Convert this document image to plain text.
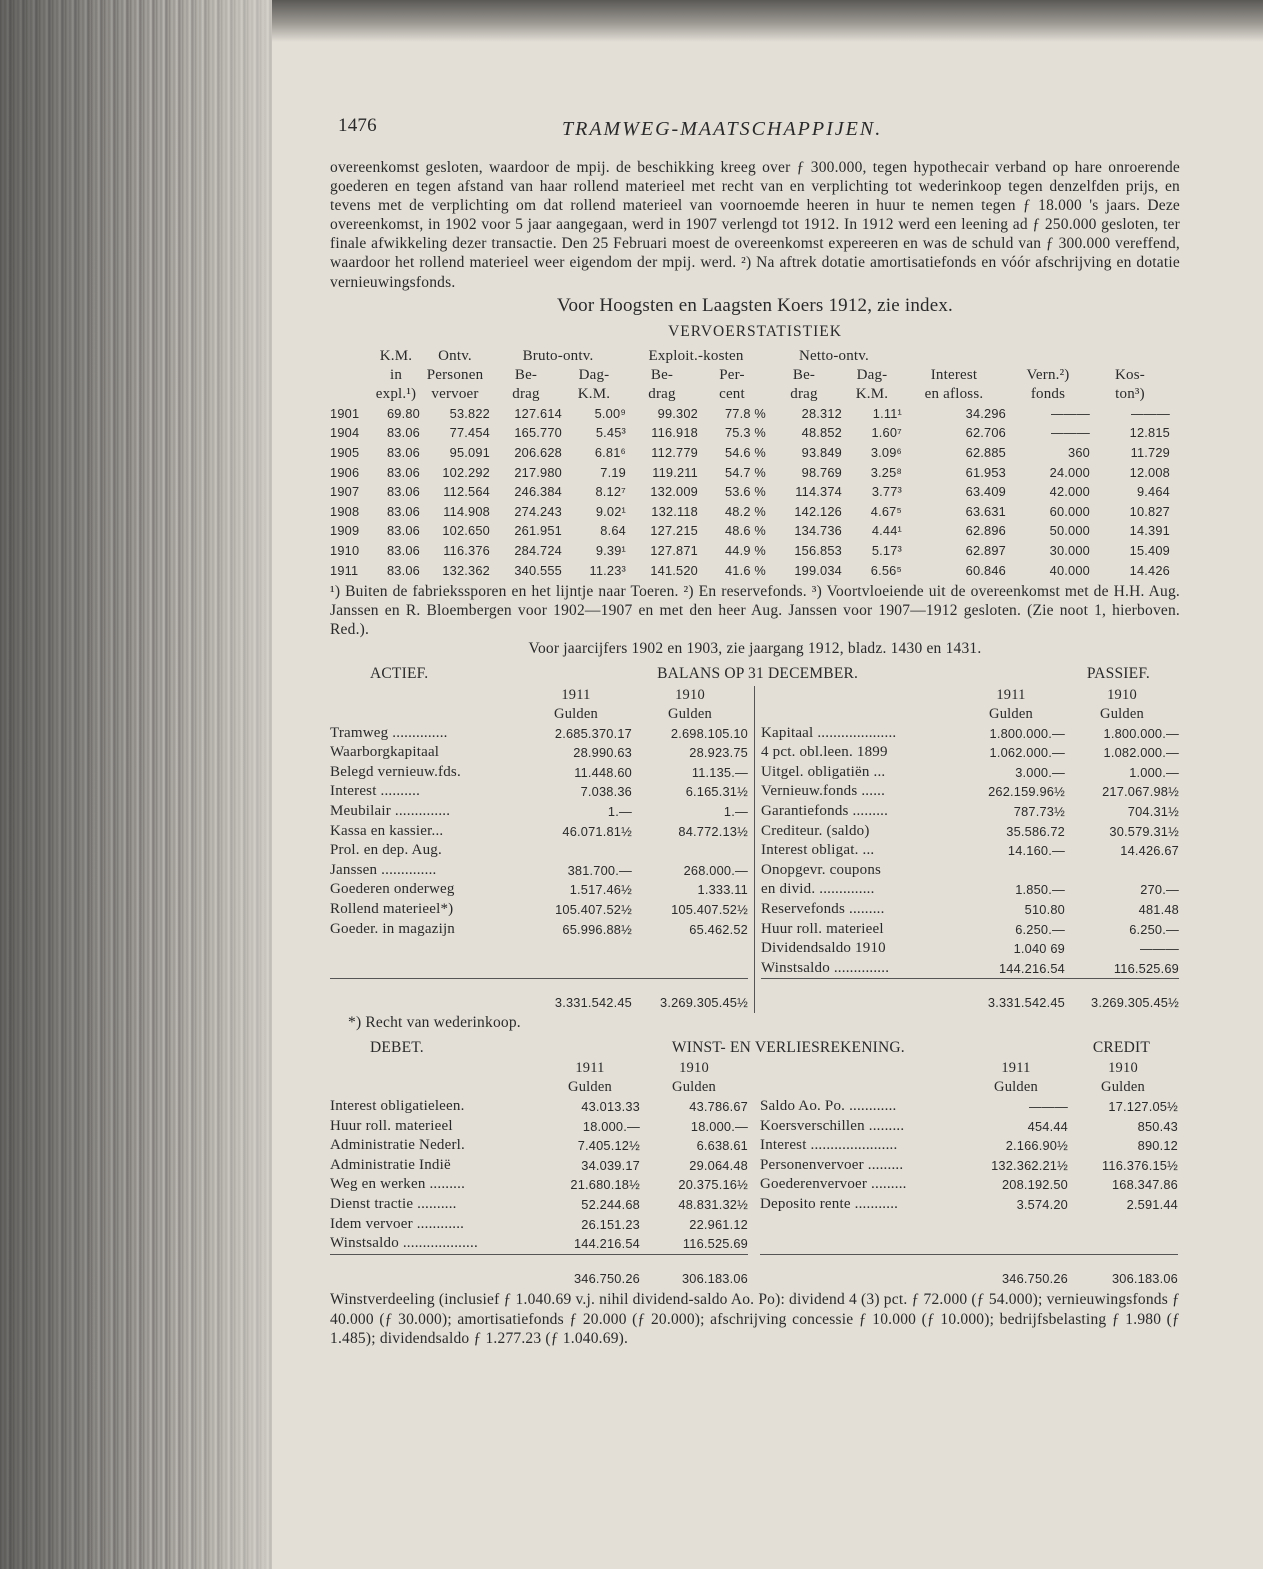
1476	TRAMWEG-MAATSCHAPPIJEN.

overeenkomst gesloten, waardoor de mpij. de beschikking kreeg over ƒ 300.000, tegen hypothecair verband op hare onroerende goederen en tegen afstand van haar rollend materieel met recht van en verplichting tot wederinkoop tegen denzelfden prijs, en tevens met de verplichting om dat rollend materieel van voornoemde heeren in huur te nemen tegen ƒ 18.000 's jaars. Deze overeenkomst, in 1902 voor 5 jaar aangegaan, werd in 1907 verlengd tot 1912. In 1912 werd een leening ad ƒ 250.000 gesloten, ter finale afwikkeling dezer transactie. Den 25 Februari moest de overeenkomst expereeren en was de schuld van ƒ 300.000 vereffend, waardoor het rollend materieel weer eigendom der mpij. werd. ²) Na aftrek dotatie amortisatiefonds en vóór afschrijving en dotatie vernieuwingsfonds.

Voor Hoogsten en Laagsten Koers 1912, zie index.

VERVOERSTATISTIEK
	K.M.	Ontv.	Bruto-ontv.		Exploit.-kosten		Netto-ontv.				
	in	Personen	Be-	Dag-	Be-	Per-	Be-	Dag-	Interest	Vern.²)	Kos-
	expl.¹)	vervoer	drag	K.M.	drag	cent	drag	K.M.	en afloss.	fonds	ton³)
1901	69.80	53.822	127.614	5.00⁹	99.302	77.8 %	28.312	1.11¹	34.296	———	———
1904	83.06	77.454	165.770	5.45³	116.918	75.3 %	48.852	1.60⁷	62.706	———	12.815
1905	83.06	95.091	206.628	6.81⁶	112.779	54.6 %	93.849	3.09⁶	62.885	360	11.729
1906	83.06	102.292	217.980	7.19	119.211	54.7 %	98.769	3.25⁸	61.953	24.000	12.008
1907	83.06	112.564	246.384	8.12⁷	132.009	53.6 %	114.374	3.77³	63.409	42.000	9.464
1908	83.06	114.908	274.243	9.02¹	132.118	48.2 %	142.126	4.67⁵	63.631	60.000	10.827
1909	83.06	102.650	261.951	8.64	127.215	48.6 %	134.736	4.44¹	62.896	50.000	14.391
1910	83.06	116.376	284.724	9.39¹	127.871	44.9 %	156.853	5.17³	62.897	30.000	15.409
1911	83.06	132.362	340.555	11.23³	141.520	41.6 %	199.034	6.56⁵	60.846	40.000	14.426

¹) Buiten de fabriekssporen en het lijntje naar Toeren. ²) En reservefonds. ³) Voortvloeiende uit de overeenkomst met de H.H. Aug. Janssen en R. Bloembergen voor 1902—1907 en met den heer Aug. Janssen voor 1907—1912 gesloten. (Zie noot 1, hierboven. Red.).

Voor jaarcijfers 1902 en 1903, zie jaargang 1912, bladz. 1430 en 1431.

ACTIEF.	BALANS OP 31 DECEMBER.	PASSIEF.
	1911	1910
	Gulden	Gulden
Tramweg ..............	2.685.370.17	2.698.105.10
Waarborgkapitaal	28.990.63	28.923.75
Belegd vernieuw.fds.	11.448.60	11.135.—
Interest ..........	7.038.36	6.165.31½
Meubilair ..............	1.—	1.—
Kassa en kassier...	46.071.81½	84.772.13½
Prol. en dep. Aug.		
Janssen ..............	381.700.—	268.000.—
Goederen onderweg	1.517.46½	1.333.11
Rollend materieel*)	105.407.52½	105.407.52½
Goeder. in magazijn	65.996.88½	65.462.52

	3.331.542.45	3.269.305.45½
	1911	1910
	Gulden	Gulden
Kapitaal ....................	1.800.000.—	1.800.000.—
4 pct. obl.leen. 1899	1.062.000.—	1.082.000.—
Uitgel. obligatiën ...	3.000.—	1.000.—
Vernieuw.fonds ......	262.159.96½	217.067.98½
Garantiefonds .........	787.73½	704.31½
Crediteur. (saldo)	35.586.72	30.579.31½
Interest obligat. ...	14.160.—	14.426.67
Onopgevr. coupons		
en divid. ..............	1.850.—	270.—
Reservefonds .........	510.80	481.48
Huur roll. materieel	6.250.—	6.250.—
Dividendsaldo 1910	1.040 69	———
Winstsaldo ..............	144.216.54	116.525.69
	3.331.542.45	3.269.305.45½
*) Recht van wederinkoop.
DEBET.	WINST- EN VERLIESREKENING.	CREDIT
	1911	1910
	Gulden	Gulden
Interest obligatieleen.	43.013.33	43.786.67
Huur roll. materieel	18.000.—	18.000.—
Administratie Nederl.	7.405.12½	6.638.61
Administratie Indië	34.039.17	29.064.48
Weg en werken .........	21.680.18½	20.375.16½
Dienst tractie ..........	52.244.68	48.831.32½
Idem vervoer ............	26.151.23	22.961.12
Winstsaldo ...................	144.216.54	116.525.69
	346.750.26	306.183.06
	1911	1910
	Gulden	Gulden
Saldo Ao. Po. ............	———	17.127.05½
Koersverschillen .........	454.44	850.43
Interest ......................	2.166.90½	890.12
Personenvervoer .........	132.362.21½	116.376.15½
Goederenvervoer .........	208.192.50	168.347.86
Deposito rente ...........	3.574.20	2.591.44

	346.750.26	306.183.06

Winstverdeeling (inclusief ƒ 1.040.69 v.j. nihil dividend-saldo Ao. Po): dividend 4 (3) pct. ƒ 72.000 (ƒ 54.000); vernieuwingsfonds ƒ 40.000 (ƒ 30.000); amortisatiefonds ƒ 20.000 (ƒ 20.000); afschrijving concessie ƒ 10.000 (ƒ 10.000); bedrijfsbelasting ƒ 1.980 (ƒ 1.485); dividendsaldo ƒ 1.277.23 (ƒ 1.040.69).
